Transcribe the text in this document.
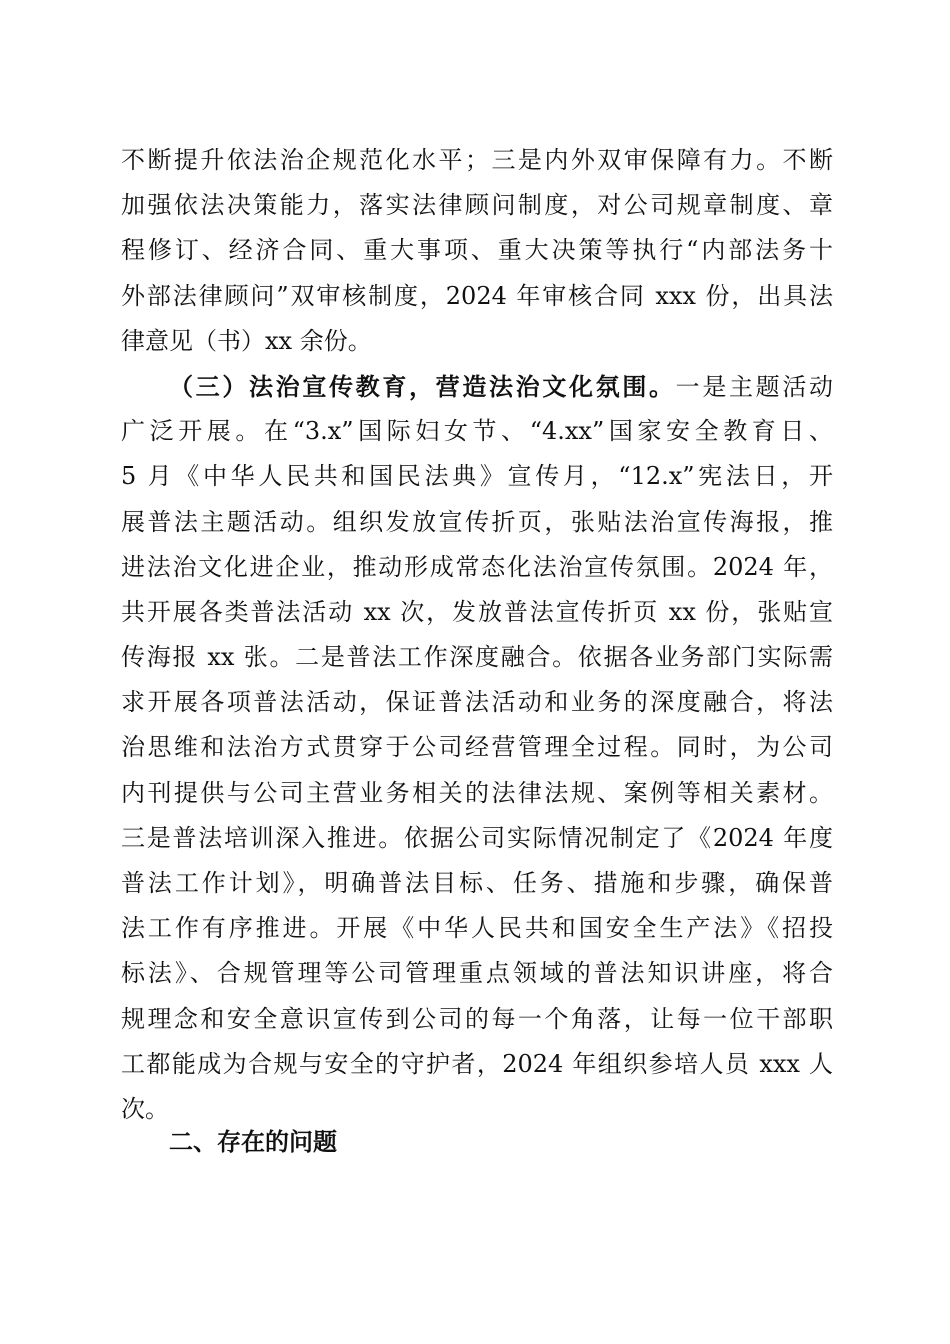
不断提升依法治企规范化水平；三是内外双审保障有力。不断
加强依法决策能力，落实法律顾问制度，对公司规章制度、章
程修订、经济合同、重大事项、重大决策等执行“内部法务十
外部法律顾问”双审核制度，2024 年审核合同 xxx 份，出具法
律意见（书）xx 余份。
（三）法治宣传教育，营造法治文化氛围。一是主题活动
广泛开展。在“3.x”国际妇女节、“4.xx”国家安全教育日、
5 月《中华人民共和国民法典》宣传月，“12.x”宪法日，开
展普法主题活动。组织发放宣传折页，张贴法治宣传海报，推
进法治文化进企业，推动形成常态化法治宣传氛围。2024 年，
共开展各类普法活动 xx 次，发放普法宣传折页 xx 份，张贴宣
传海报 xx 张。二是普法工作深度融合。依据各业务部门实际需
求开展各项普法活动，保证普法活动和业务的深度融合，将法
治思维和法治方式贯穿于公司经营管理全过程。同时，为公司
内刊提供与公司主营业务相关的法律法规、案例等相关素材。
三是普法培训深入推进。依据公司实际情况制定了《2024 年度
普法工作计划》，明确普法目标、任务、措施和步骤，确保普
法工作有序推进。开展《中华人民共和国安全生产法》《招投
标法》、合规管理等公司管理重点领域的普法知识讲座，将合
规理念和安全意识宣传到公司的每一个角落，让每一位干部职
工都能成为合规与安全的守护者，2024 年组织参培人员 xxx 人
次。
二、存在的问题
